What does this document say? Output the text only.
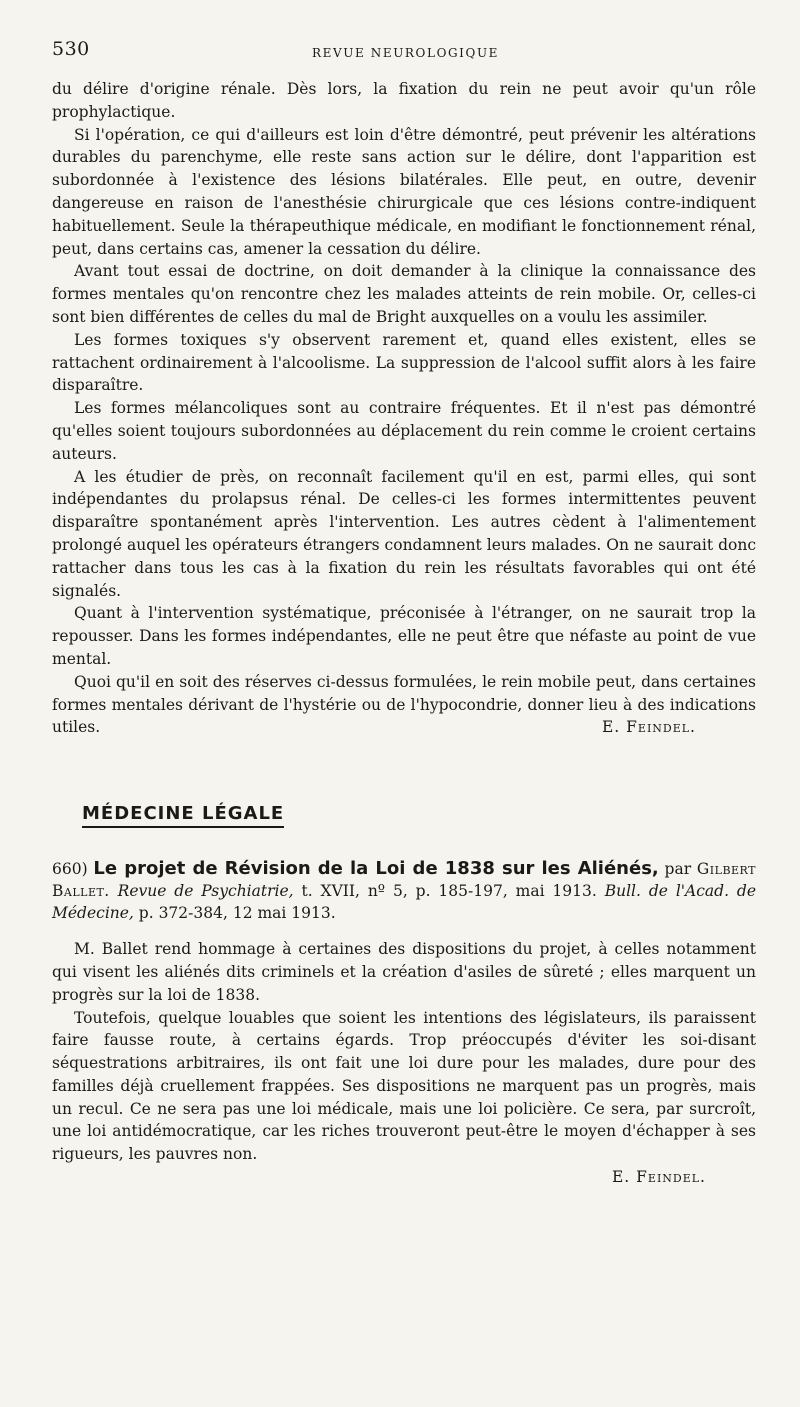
530	REVUE NEUROLOGIQUE

du délire d'origine rénale. Dès lors, la fixation du rein ne peut avoir qu'un rôle prophylactique.

Si l'opération, ce qui d'ailleurs est loin d'être démontré, peut prévenir les altérations durables du parenchyme, elle reste sans action sur le délire, dont l'apparition est subordonnée à l'existence des lésions bilatérales. Elle peut, en outre, devenir dangereuse en raison de l'anesthésie chirurgicale que ces lésions contre-indiquent habituellement. Seule la thérapeuthique médicale, en modifiant le fonctionnement rénal, peut, dans certains cas, amener la cessation du délire.

Avant tout essai de doctrine, on doit demander à la clinique la connaissance des formes mentales qu'on rencontre chez les malades atteints de rein mobile. Or, celles-ci sont bien différentes de celles du mal de Bright auxquelles on a voulu les assimiler.

Les formes toxiques s'y observent rarement et, quand elles existent, elles se rattachent ordinairement à l'alcoolisme. La suppression de l'alcool suffit alors à les faire disparaître.

Les formes mélancoliques sont au contraire fréquentes. Et il n'est pas démontré qu'elles soient toujours subordonnées au déplacement du rein comme le croient certains auteurs.

A les étudier de près, on reconnaît facilement qu'il en est, parmi elles, qui sont indépendantes du prolapsus rénal. De celles-ci les formes intermittentes peuvent disparaître spontanément après l'intervention. Les autres cèdent à l'alimentement prolongé auquel les opérateurs étrangers condamnent leurs malades. On ne saurait donc rattacher dans tous les cas à la fixation du rein les résultats favorables qui ont été signalés.

Quant à l'intervention systématique, préconisée à l'étranger, on ne saurait trop la repousser. Dans les formes indépendantes, elle ne peut être que néfaste au point de vue mental.

Quoi qu'il en soit des réserves ci-dessus formulées, le rein mobile peut, dans certaines formes mentales dérivant de l'hystérie ou de l'hypocondrie, donner lieu à des indications utiles.	E. Feindel.

MÉDECINE LÉGALE
660) Le projet de Révision de la Loi de 1838 sur les Aliénés, par Gilbert Ballet. Revue de Psychiatrie, t. XVII, nº 5, p. 185-197, mai 1913. Bull. de l'Acad. de Médecine, p. 372-384, 12 mai 1913.

M. Ballet rend hommage à certaines des dispositions du projet, à celles notamment qui visent les aliénés dits criminels et la création d'asiles de sûreté ; elles marquent un progrès sur la loi de 1838.

Toutefois, quelque louables que soient les intentions des législateurs, ils paraissent faire fausse route, à certains égards. Trop préoccupés d'éviter les soi-disant séquestrations arbitraires, ils ont fait une loi dure pour les malades, dure pour des familles déjà cruellement frappées. Ses dispositions ne marquent pas un progrès, mais un recul. Ce ne sera pas une loi médicale, mais une loi policière. Ce sera, par surcroît, une loi antidémocratique, car les riches trouveront peut-être le moyen d'échapper à ses rigueurs, les pauvres non.

E. Feindel.
